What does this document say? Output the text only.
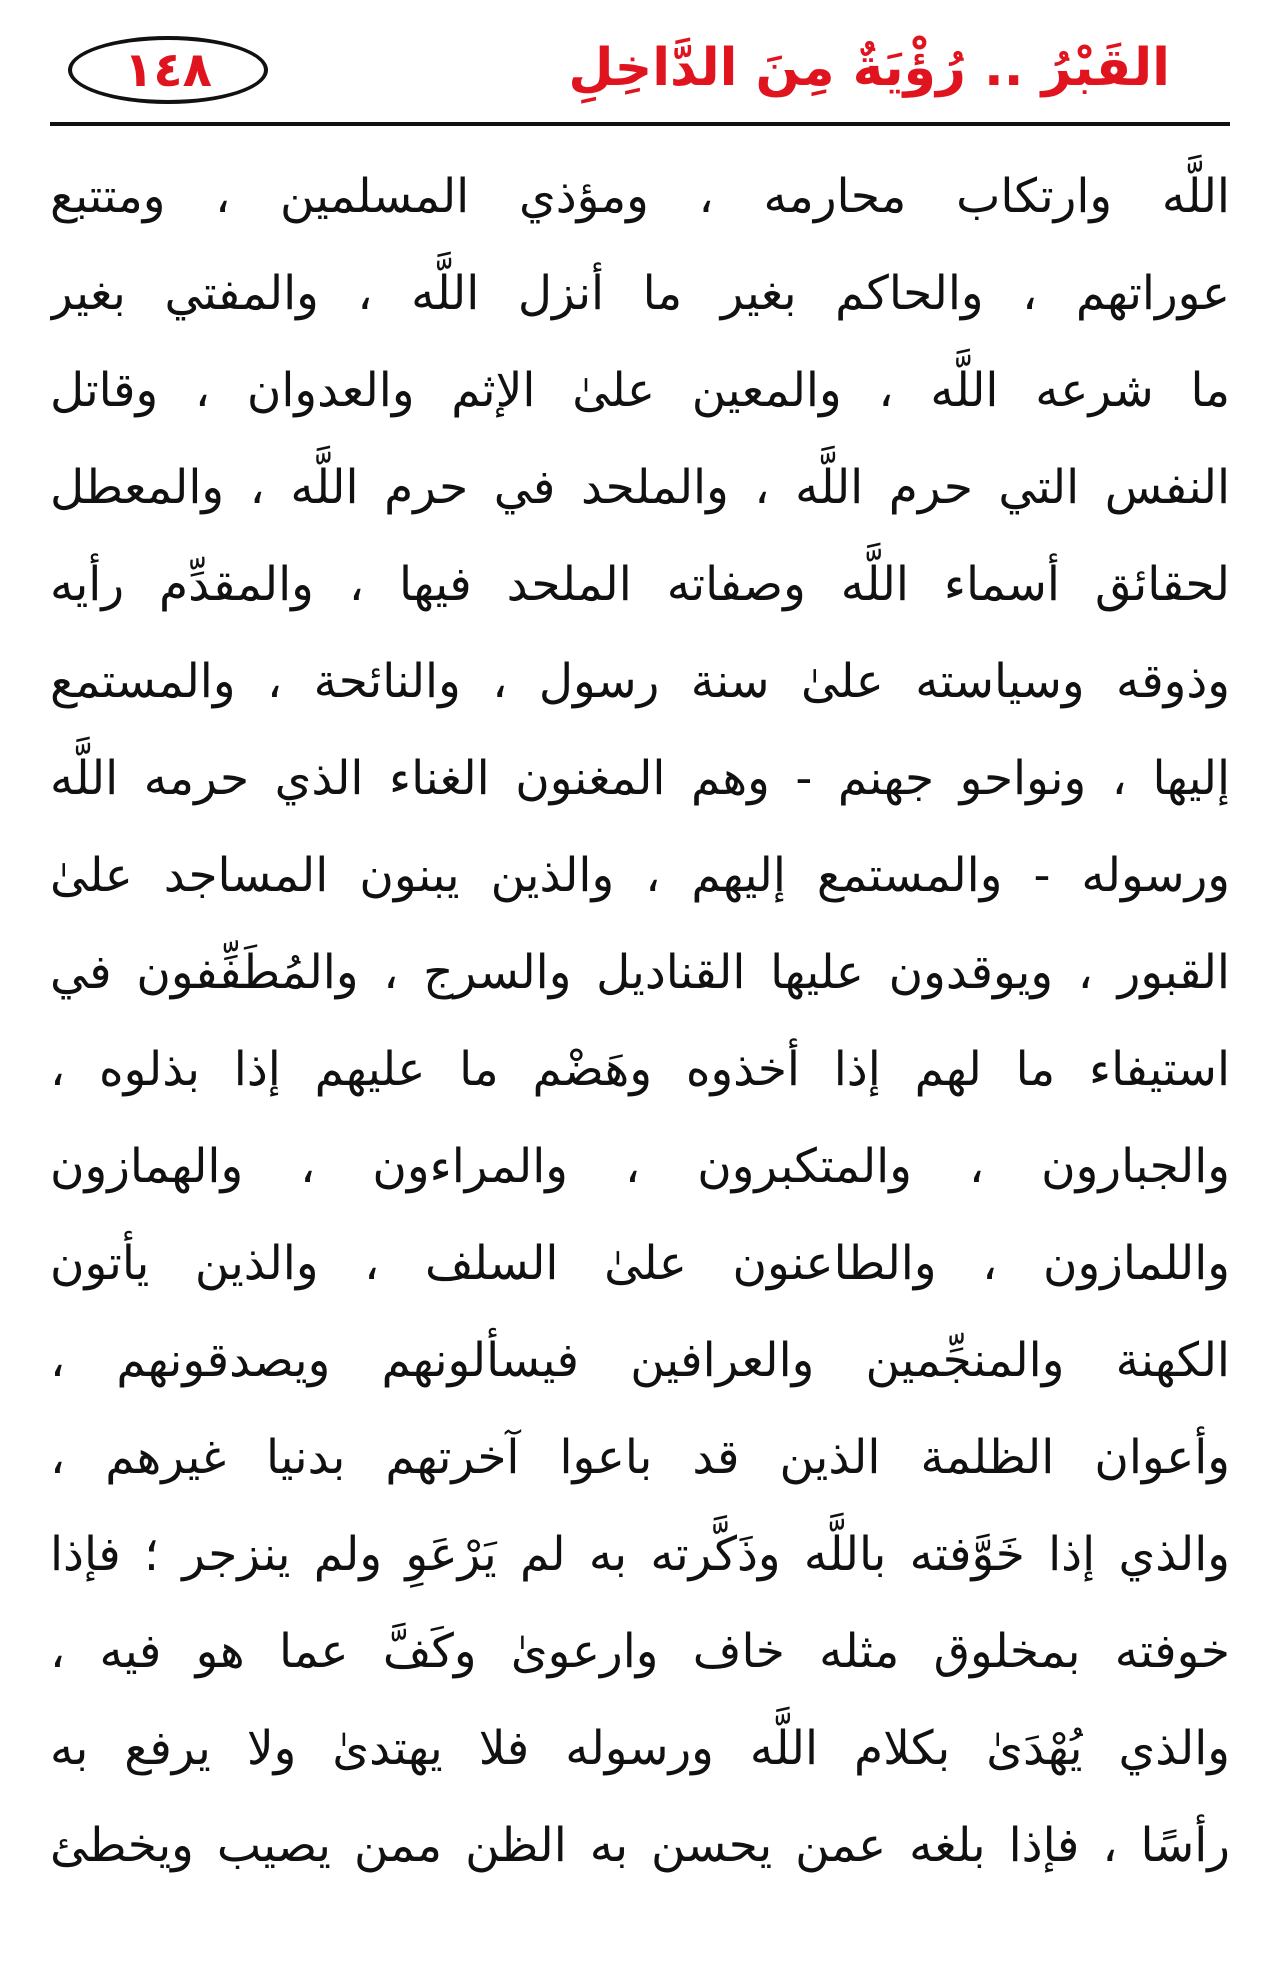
١٤٨	القَبْرُ .. رُؤْيَةٌ مِنَ الدَّاخِلِ
اللَّه وارتكاب محارمه ، ومؤذي المسلمين ، ومتتبع
عوراتهم ، والحاكم بغير ما أنزل اللَّه ، والمفتي بغير
ما شرعه اللَّه ، والمعين علىٰ الإثم والعدوان ، وقاتل
النفس التي حرم اللَّه ، والملحد في حرم اللَّه ، والمعطل
لحقائق أسماء اللَّه وصفاته الملحد فيها ، والمقدِّم رأيه
وذوقه وسياسته علىٰ سنة رسول ، والنائحة ، والمستمع
إليها ، ونواحو جهنم - وهم المغنون الغناء الذي حرمه اللَّه
ورسوله - والمستمع إليهم ، والذين يبنون المساجد علىٰ
القبور ، ويوقدون عليها القناديل والسرج ، والمُطَفِّفون في
استيفاء ما لهم إذا أخذوه وهَضْم ما عليهم إذا بذلوه ،
والجبارون ، والمتكبرون ، والمراءون ، والهمازون
واللمازون ، والطاعنون علىٰ السلف ، والذين يأتون
الكهنة والمنجِّمين والعرافين فيسألونهم ويصدقونهم ،
وأعوان الظلمة الذين قد باعوا آخرتهم بدنيا غيرهم ،
والذي إذا خَوَّفته باللَّه وذَكَّرته به لم يَرْعَوِ ولم ينزجر ؛ فإذا
خوفته بمخلوق مثله خاف وارعوىٰ وكَفَّ عما هو فيه ،
والذي يُهْدَىٰ بكلام اللَّه ورسوله فلا يهتدىٰ ولا يرفع به
رأسًا ، فإذا بلغه عمن يحسن به الظن ممن يصيب ويخطئ
